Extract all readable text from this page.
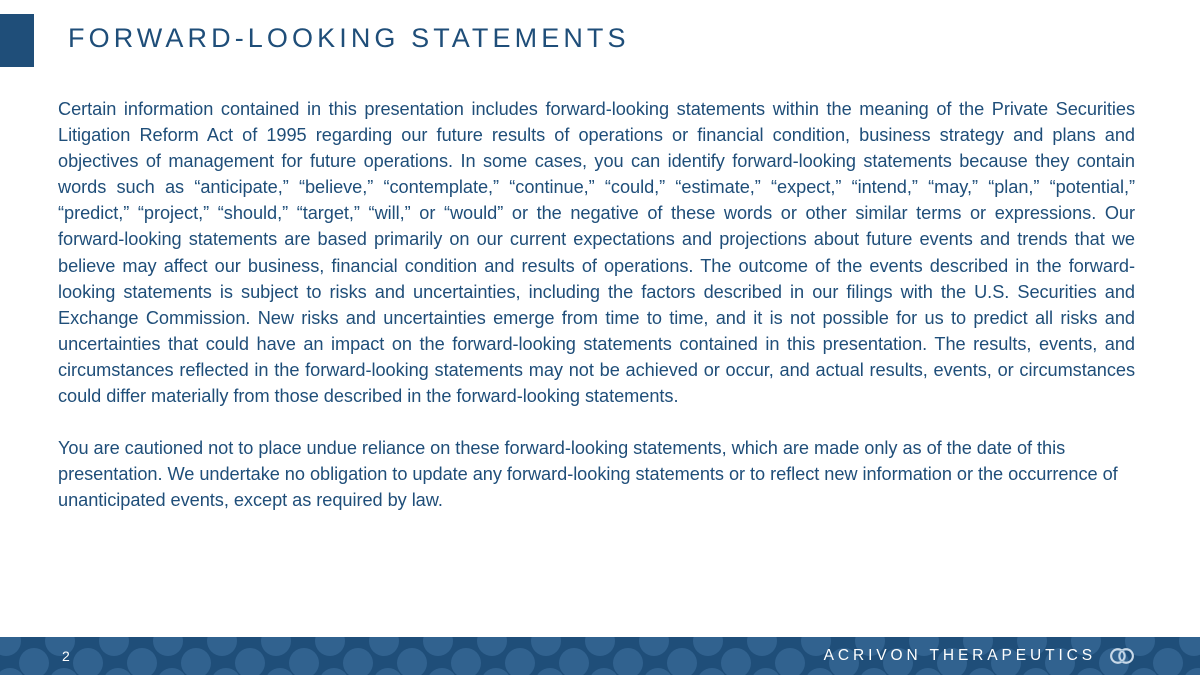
FORWARD-LOOKING STATEMENTS

Certain information contained in this presentation includes forward-looking statements within the meaning of the Private Securities Litigation Reform Act of 1995 regarding our future results of operations or financial condition, business strategy and plans and objectives of management for future operations. In some cases, you can identify forward-looking statements because they contain words such as “anticipate,” “believe,” “contemplate,” “continue,” “could,” “estimate,” “expect,” “intend,” “may,” “plan,” “potential,” “predict,” “project,” “should,” “target,” “will,” or “would” or the negative of these words or other similar terms or expressions. Our forward-looking statements are based primarily on our current expectations and projections about future events and trends that we believe may affect our business, financial condition and results of operations. The outcome of the events described in the forward-looking statements is subject to risks and uncertainties, including the factors described in our filings with the U.S. Securities and Exchange Commission. New risks and uncertainties emerge from time to time, and it is not possible for us to predict all risks and uncertainties that could have an impact on the forward-looking statements contained in this presentation. The results, events, and circumstances reflected in the forward-looking statements may not be achieved or occur, and actual results, events, or circumstances could differ materially from those described in the forward-looking statements.

You are cautioned not to place undue reliance on these forward-looking statements, which are made only as of the date of this presentation. We undertake no obligation to update any forward-looking statements or to reflect new information or the occurrence of unanticipated events, except as required by law.

2	ACRIVON THERAPEUTICS
